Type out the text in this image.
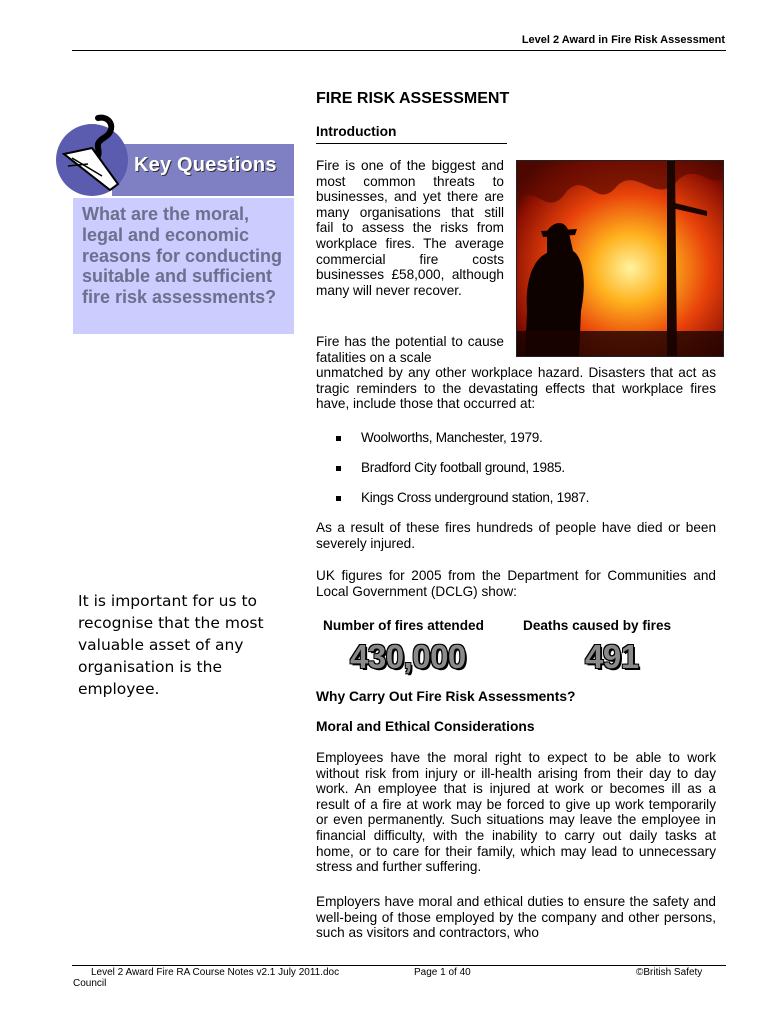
Level 2 Award in Fire Risk Assessment
Key Questions
What are the moral, legal and economic reasons for conducting suitable and sufficient fire risk assessments?
It is important for us to recognise that the most valuable asset of any organisation is the employee.
FIRE RISK ASSESSMENT
Introduction
Fire is one of the biggest and most common threats to businesses, and yet there are many organisations that still fail to assess the risks from workplace fires. The average commercial fire costs businesses £58,000, although many will never recover.
Fire has the potential to cause fatalities on a scale
unmatched by any other workplace hazard. Disasters that act as tragic reminders to the devastating effects that workplace fires have, include those that occurred at:
Woolworths, Manchester, 1979.
Bradford City football ground, 1985.
Kings Cross underground station, 1987.
As a result of these fires hundreds of people have died or been severely injured.
UK figures for 2005 from the Department for Communities and Local Government (DCLG) show:
Number of fires attended	Deaths caused by fires
430,000	491
Why Carry Out Fire Risk Assessments?
Moral and Ethical Considerations
Employees have the moral right to expect to be able to work without risk from injury or ill-health arising from their day to day work. An employee that is injured at work or becomes ill as a result of a fire at work may be forced to give up work temporarily or even permanently. Such situations may leave the employee in financial difficulty, with the inability to carry out daily tasks at home, or to care for their family, which may lead to unnecessary stress and further suffering.
Employers have moral and ethical duties to ensure the safety and well-being of those employed by the company and other persons, such as visitors and contractors, who
Level 2 Award Fire RA Course Notes v2.1 July 2011.doc	Page 1 of 40	©British Safety
Council
